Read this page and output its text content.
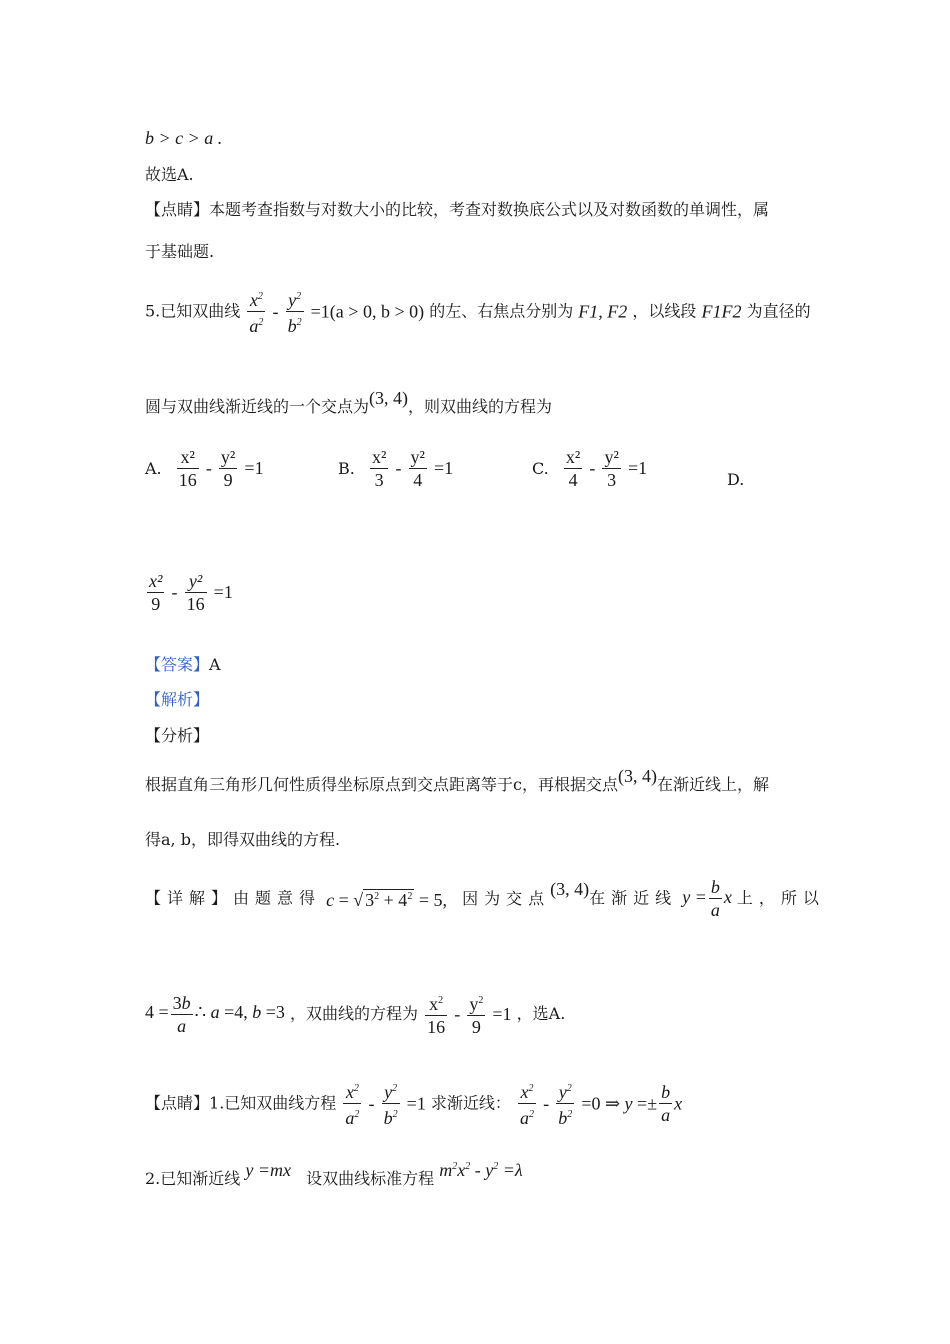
b > c > a .
故选A.
【点睛】本题考查指数与对数大小的比较，考查对数换底公式以及对数函数的单调性，属
于基础题.
5.已知双曲线 $\frac{x^2}{a^2} - \frac{y^2}{b^2} =1(a > 0$, b > 0) 的左、右焦点分别为 F1, F2 ，以线段 F1F2 为直径的
圆与双曲线渐近线的一个交点为(3, 4)，则双曲线的方程为
A. $\frac{\text{x²}}{16} - \frac{\text{y²}}{9} =1$	B. $\frac{\text{x²}}{3} - \frac{\text{y²}}{4} =1$	C. $\frac{\text{x²}}{4} - \frac{\text{y²}}{3} =1$
D.
$\frac{\text{x²}}{9} - \frac{\text{y²}}{16} =1$
【答案】A
【解析】
【分析】
根据直角三角形几何性质得坐标原点到交点距离等于c，再根据交点(3, 4)在渐近线上，解
得a, b，即得双曲线的方程.
【详解】由题意得 c = √ $3^2 + 4^2 = 5$, 因为交点(3, 4)在渐近线 $y = \frac{b}{a}$ x 上，所以
$4 = \frac{3b}{a}$ ∴ a =4, b =3 ，双曲线的方程为 $\frac{x^2}{16} - \frac{y^2}{9} =1$ ，选A.
【点睛】1.已知双曲线方程 $\frac{x^2}{a^2} - \frac{y^2}{b^2} =1$ 求渐近线： $\frac{x^2}{a^2} - \frac{y^2}{b^2} =0$ ⇒ $y =\pm \frac{b}{a}$ x
2.已知渐近线 y =mx 设双曲线标准方程 $m^2x^2 - y^2 =\lambda$
